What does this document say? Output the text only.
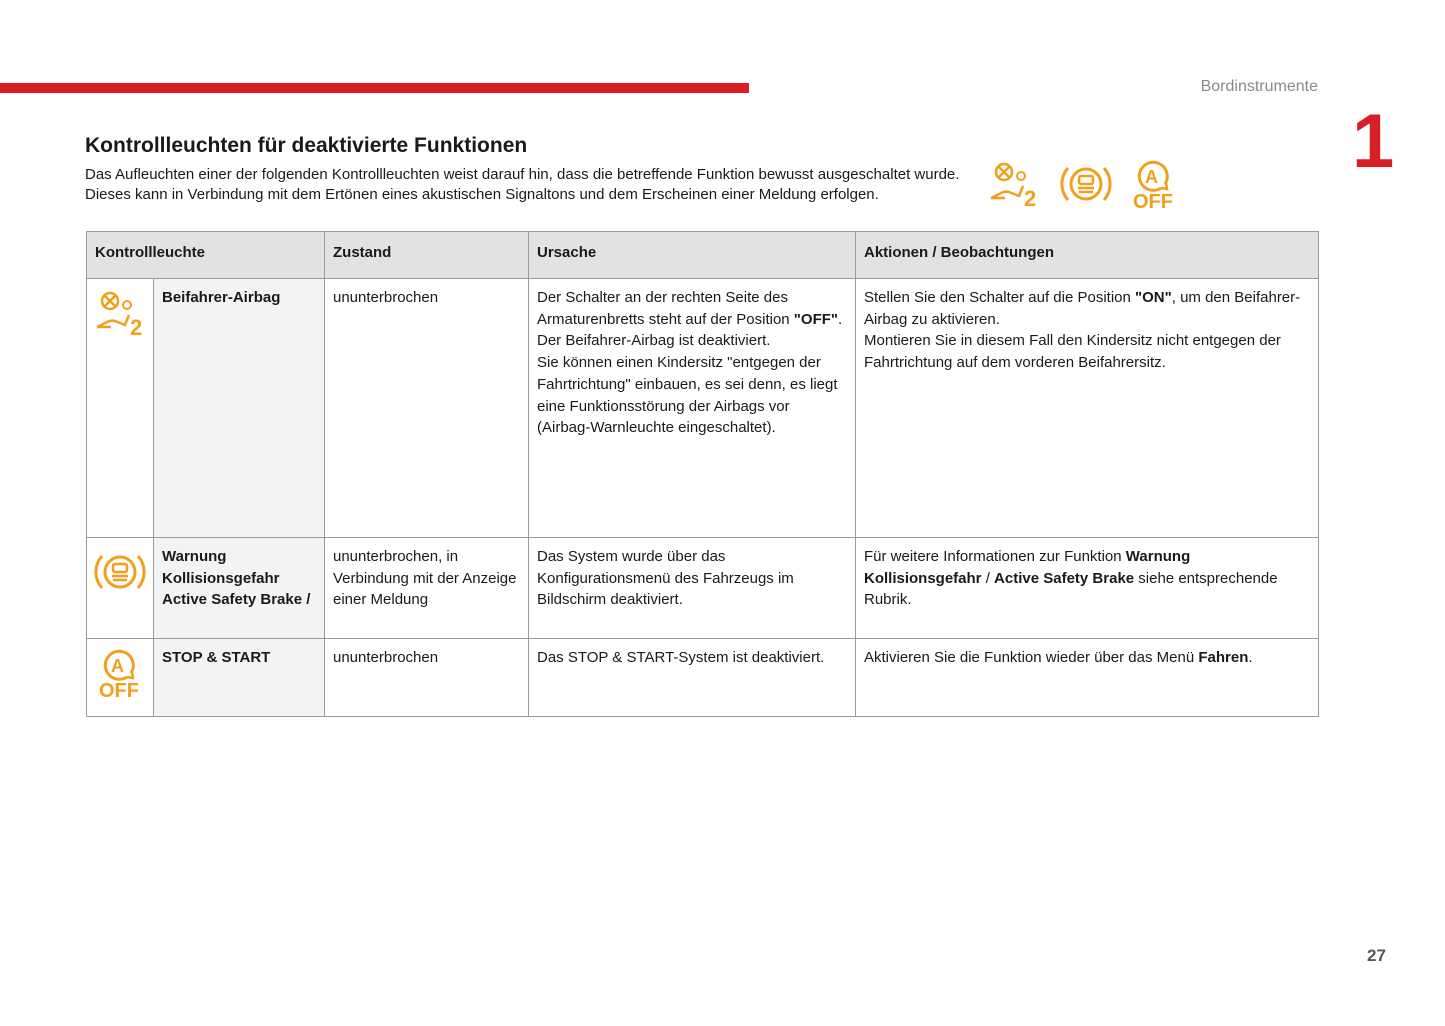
Bordinstrumente
1
Kontrollleuchten für deaktivierte Funktionen

Das Aufleuchten einer der folgenden Kontrollleuchten weist darauf hin, dass die betreffende Funktion bewusst ausgeschaltet wurde.

Dieses kann in Verbindung mit dem Ertönen eines akustischen Signaltons und dem Erscheinen einer Meldung erfolgen.	2
A
OFF
Kontrollleuchte		Zustand	Ursache	Aktionen / Beobachtungen

2	Beifahrer-Airbag	ununterbrochen	Der Schalter an der rechten Seite des Armaturenbretts steht auf der Position "OFF".
Der Beifahrer-Airbag ist deaktiviert.
Sie können einen Kindersitz "entgegen der Fahrtrichtung" einbauen, es sei denn, es liegt eine Funktionsstörung der Airbags vor (Airbag-Warnleuchte eingeschaltet).	Stellen Sie den Schalter auf die Position "ON", um den Beifahrer-Airbag zu aktivieren.
Montieren Sie in diesem Fall den Kindersitz nicht entgegen der Fahrtrichtung auf dem vorderen Beifahrersitz.
	Warnung Kollisionsgefahr Active Safety Brake /	ununterbrochen, in Verbindung mit der Anzeige einer Meldung	Das System wurde über das Konfigurationsmenü des Fahrzeugs im Bildschirm deaktiviert.	Für weitere Informationen zur Funktion Warnung Kollisionsgefahr / Active Safety Brake siehe entsprechende Rubrik.

A
OFF	STOP & START	ununterbrochen	Das STOP & START-System ist deaktiviert.	Aktivieren Sie die Funktion wieder über das Menü Fahren.
27
